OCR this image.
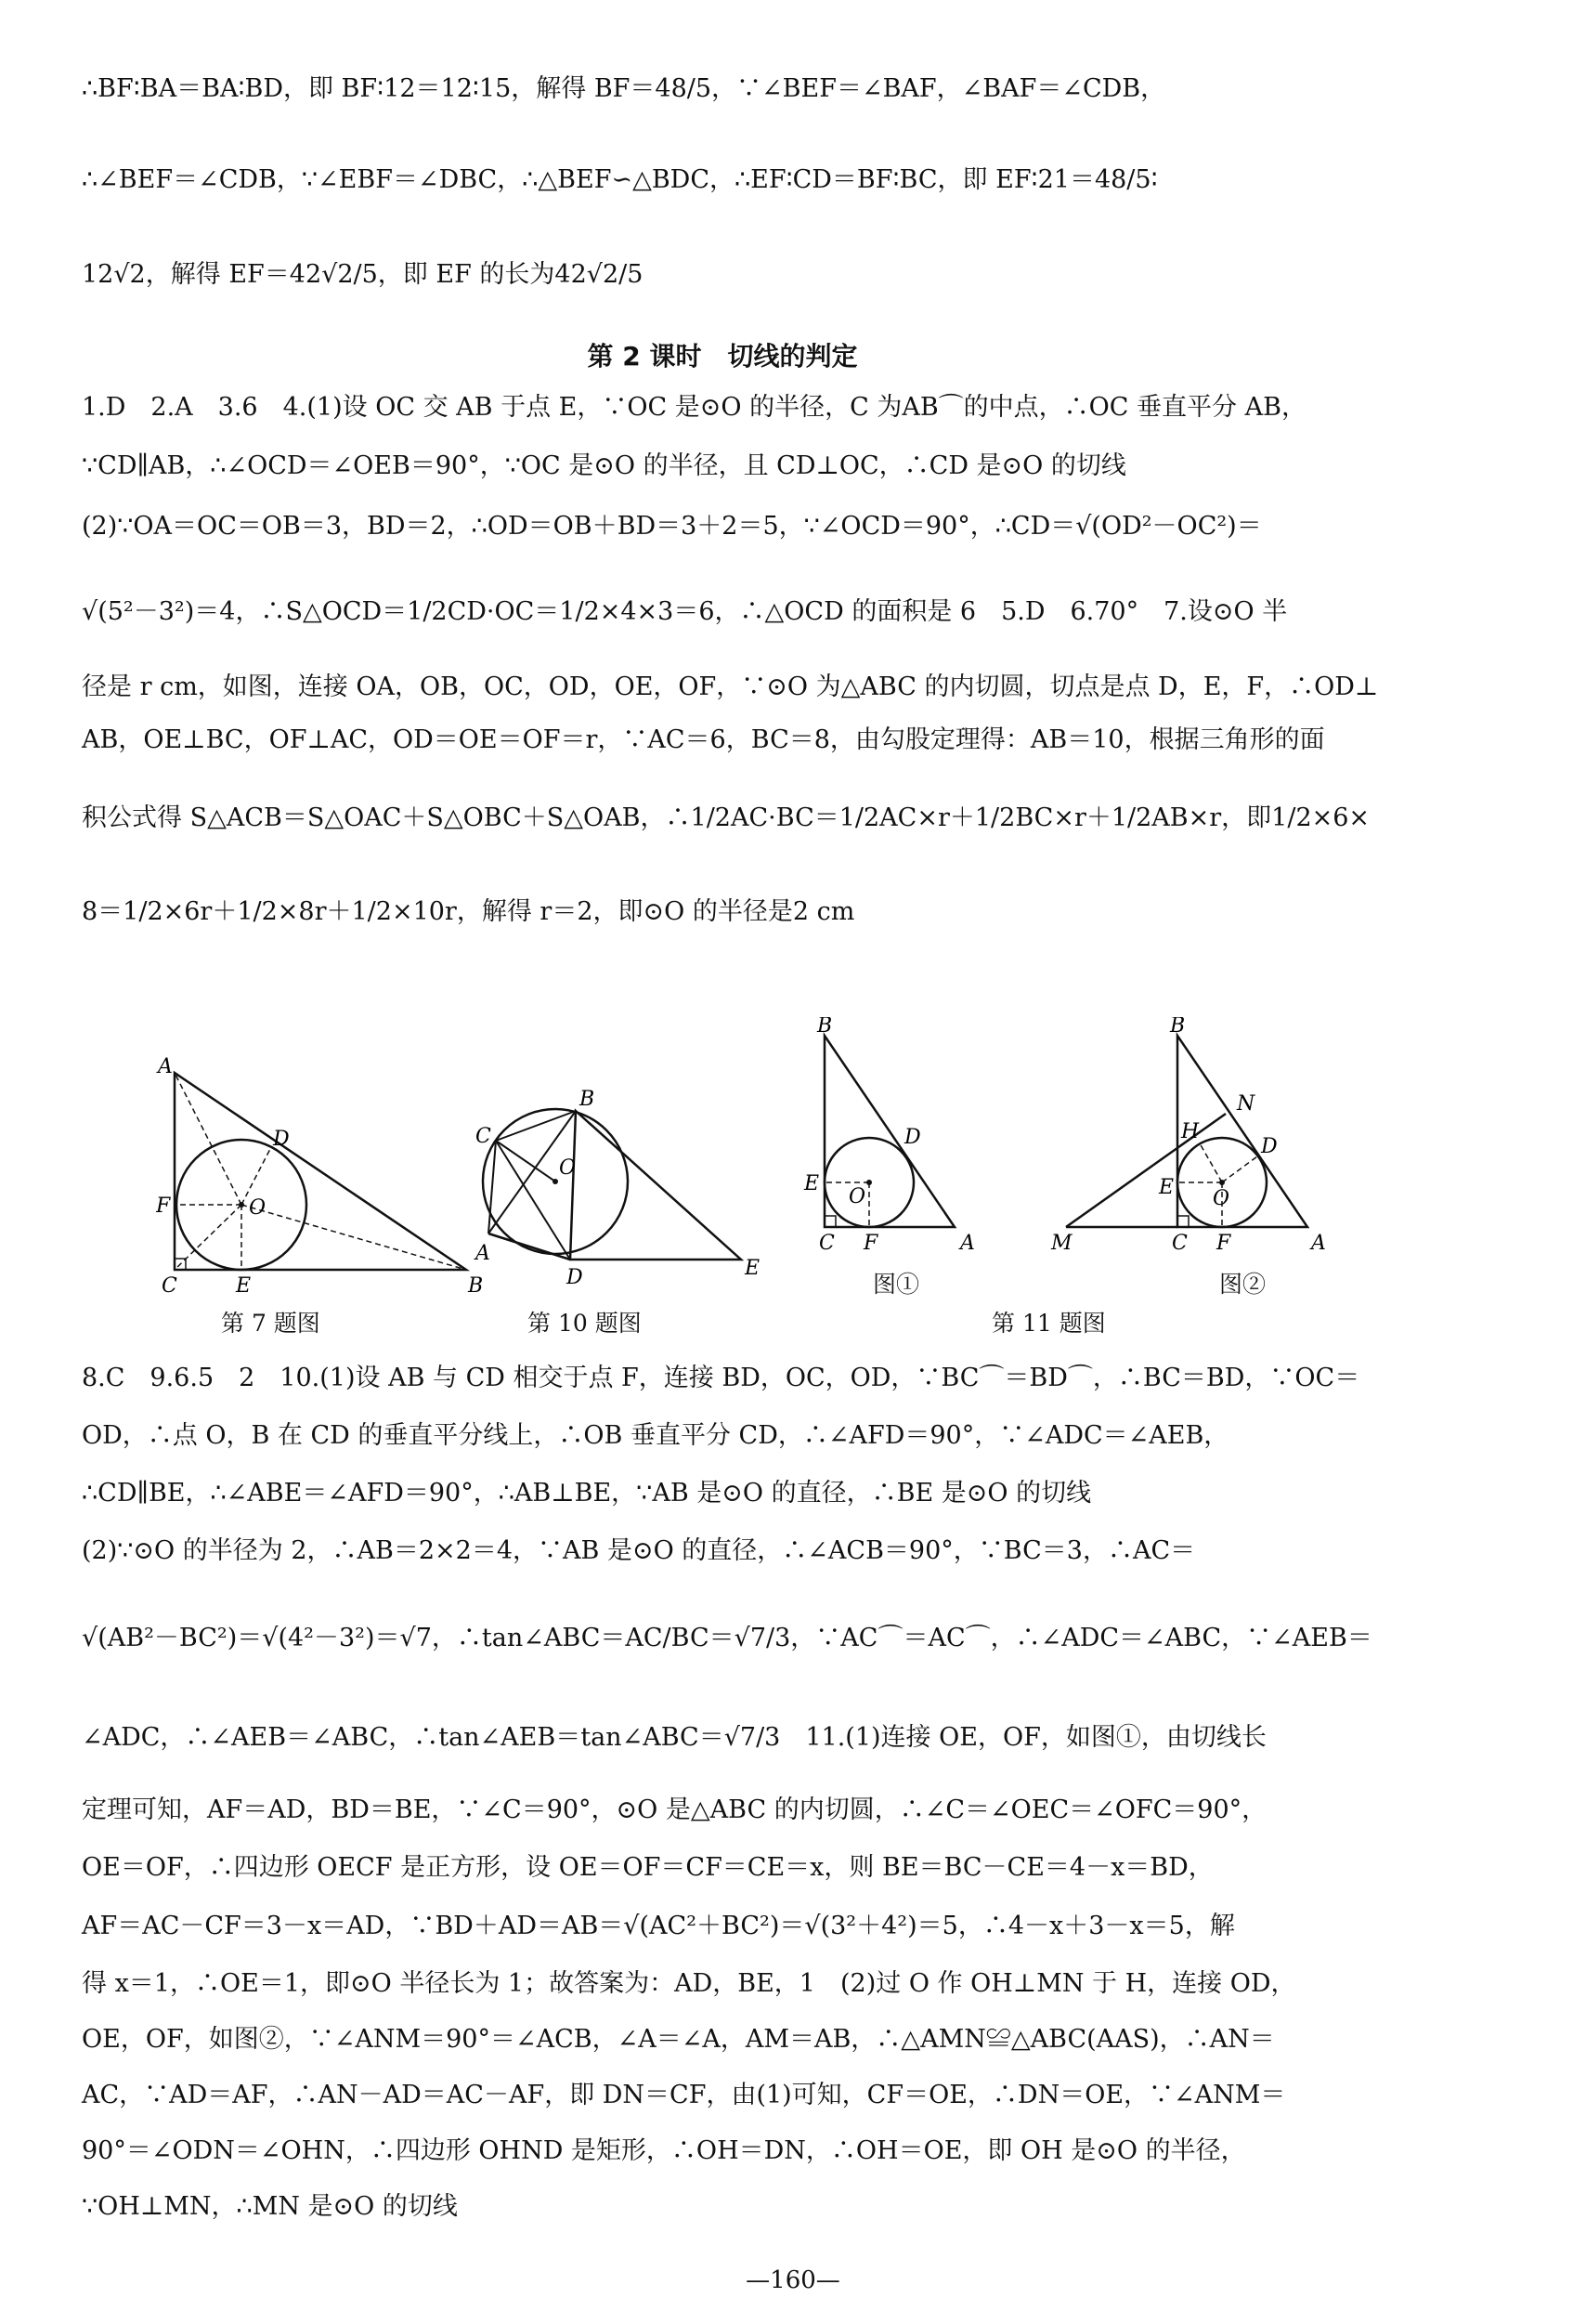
∴BF∶BA＝BA∶BD，即 BF∶12＝12∶15，解得 BF＝48/5，∵∠BEF＝∠BAF，∠BAF＝∠CDB，
∴∠BEF＝∠CDB，∵∠EBF＝∠DBC，∴△BEF∽△BDC，∴EF∶CD＝BF∶BC，即 EF∶21＝48/5∶
12√2，解得 EF＝42√2/5，即 EF 的长为42√2/5
第 2 课时　切线的判定
1.D　2.A　3.6　4.(1)设 OC 交 AB 于点 E，∵OC 是⊙O 的半径，C 为AB⌒的中点，∴OC 垂直平分 AB，
∵CD∥AB，∴∠OCD＝∠OEB＝90°，∵OC 是⊙O 的半径，且 CD⊥OC，∴CD 是⊙O 的切线
(2)∵OA＝OC＝OB＝3，BD＝2，∴OD＝OB＋BD＝3＋2＝5，∵∠OCD＝90°，∴CD＝√(OD²－OC²)＝
√(5²－3²)＝4，∴S△OCD＝1/2CD·OC＝1/2×4×3＝6，∴△OCD 的面积是 6　5.D　6.70°　7.设⊙O 半
径是 r cm，如图，连接 OA，OB，OC，OD，OE，OF，∵⊙O 为△ABC 的内切圆，切点是点 D，E，F，∴OD⊥
AB，OE⊥BC，OF⊥AC，OD＝OE＝OF＝r，∵AC＝6，BC＝8，由勾股定理得：AB＝10，根据三角形的面
积公式得 S△ACB＝S△OAC＋S△OBC＋S△OAB，∴1/2AC·BC＝1/2AC×r＋1/2BC×r＋1/2AB×r，即1/2×6×
8＝1/2×6r＋1/2×8r＋1/2×10r，解得 r＝2，即⊙O 的半径是2 cm
A
B
C
D
E
F	O
第 7 题图
A
B
C
D	E
O
第 10 题图
A
B
C
D
E
F
O
图①
A
B
C
D
E
F
H
M
N
O
图②
第 11 题图
8.C　9.6.5　2　10.(1)设 AB 与 CD 相交于点 F，连接 BD，OC，OD，∵BC⌒＝BD⌒，∴BC＝BD，∵OC＝
OD，∴点 O，B 在 CD 的垂直平分线上，∴OB 垂直平分 CD，∴∠AFD＝90°，∵∠ADC＝∠AEB，
∴CD∥BE，∴∠ABE＝∠AFD＝90°，∴AB⊥BE，∵AB 是⊙O 的直径，∴BE 是⊙O 的切线
(2)∵⊙O 的半径为 2，∴AB＝2×2＝4，∵AB 是⊙O 的直径，∴∠ACB＝90°，∵BC＝3，∴AC＝
√(AB²－BC²)＝√(4²－3²)＝√7，∴tan∠ABC＝AC/BC＝√7/3，∵AC⌒＝AC⌒，∴∠ADC＝∠ABC，∵∠AEB＝
∠ADC，∴∠AEB＝∠ABC，∴tan∠AEB＝tan∠ABC＝√7/3　11.(1)连接 OE，OF，如图①，由切线长
定理可知，AF＝AD，BD＝BE，∵∠C＝90°，⊙O 是△ABC 的内切圆，∴∠C＝∠OEC＝∠OFC＝90°，
OE＝OF，∴四边形 OECF 是正方形，设 OE＝OF＝CF＝CE＝x，则 BE＝BC－CE＝4－x＝BD，
AF＝AC－CF＝3－x＝AD，∵BD＋AD＝AB＝√(AC²＋BC²)＝√(3²＋4²)＝5，∴4－x＋3－x＝5，解
得 x＝1，∴OE＝1，即⊙O 半径长为 1；故答案为：AD，BE，1　(2)过 O 作 OH⊥MN 于 H，连接 OD，
OE，OF，如图②，∵∠ANM＝90°＝∠ACB，∠A＝∠A，AM＝AB，∴△AMN≌△ABC(AAS)，∴AN＝
AC，∵AD＝AF，∴AN－AD＝AC－AF，即 DN＝CF，由(1)可知，CF＝OE，∴DN＝OE，∵∠ANM＝
90°＝∠ODN＝∠OHN，∴四边形 OHND 是矩形，∴OH＝DN，∴OH＝OE，即 OH 是⊙O 的半径，
∵OH⊥MN，∴MN 是⊙O 的切线
—160—
